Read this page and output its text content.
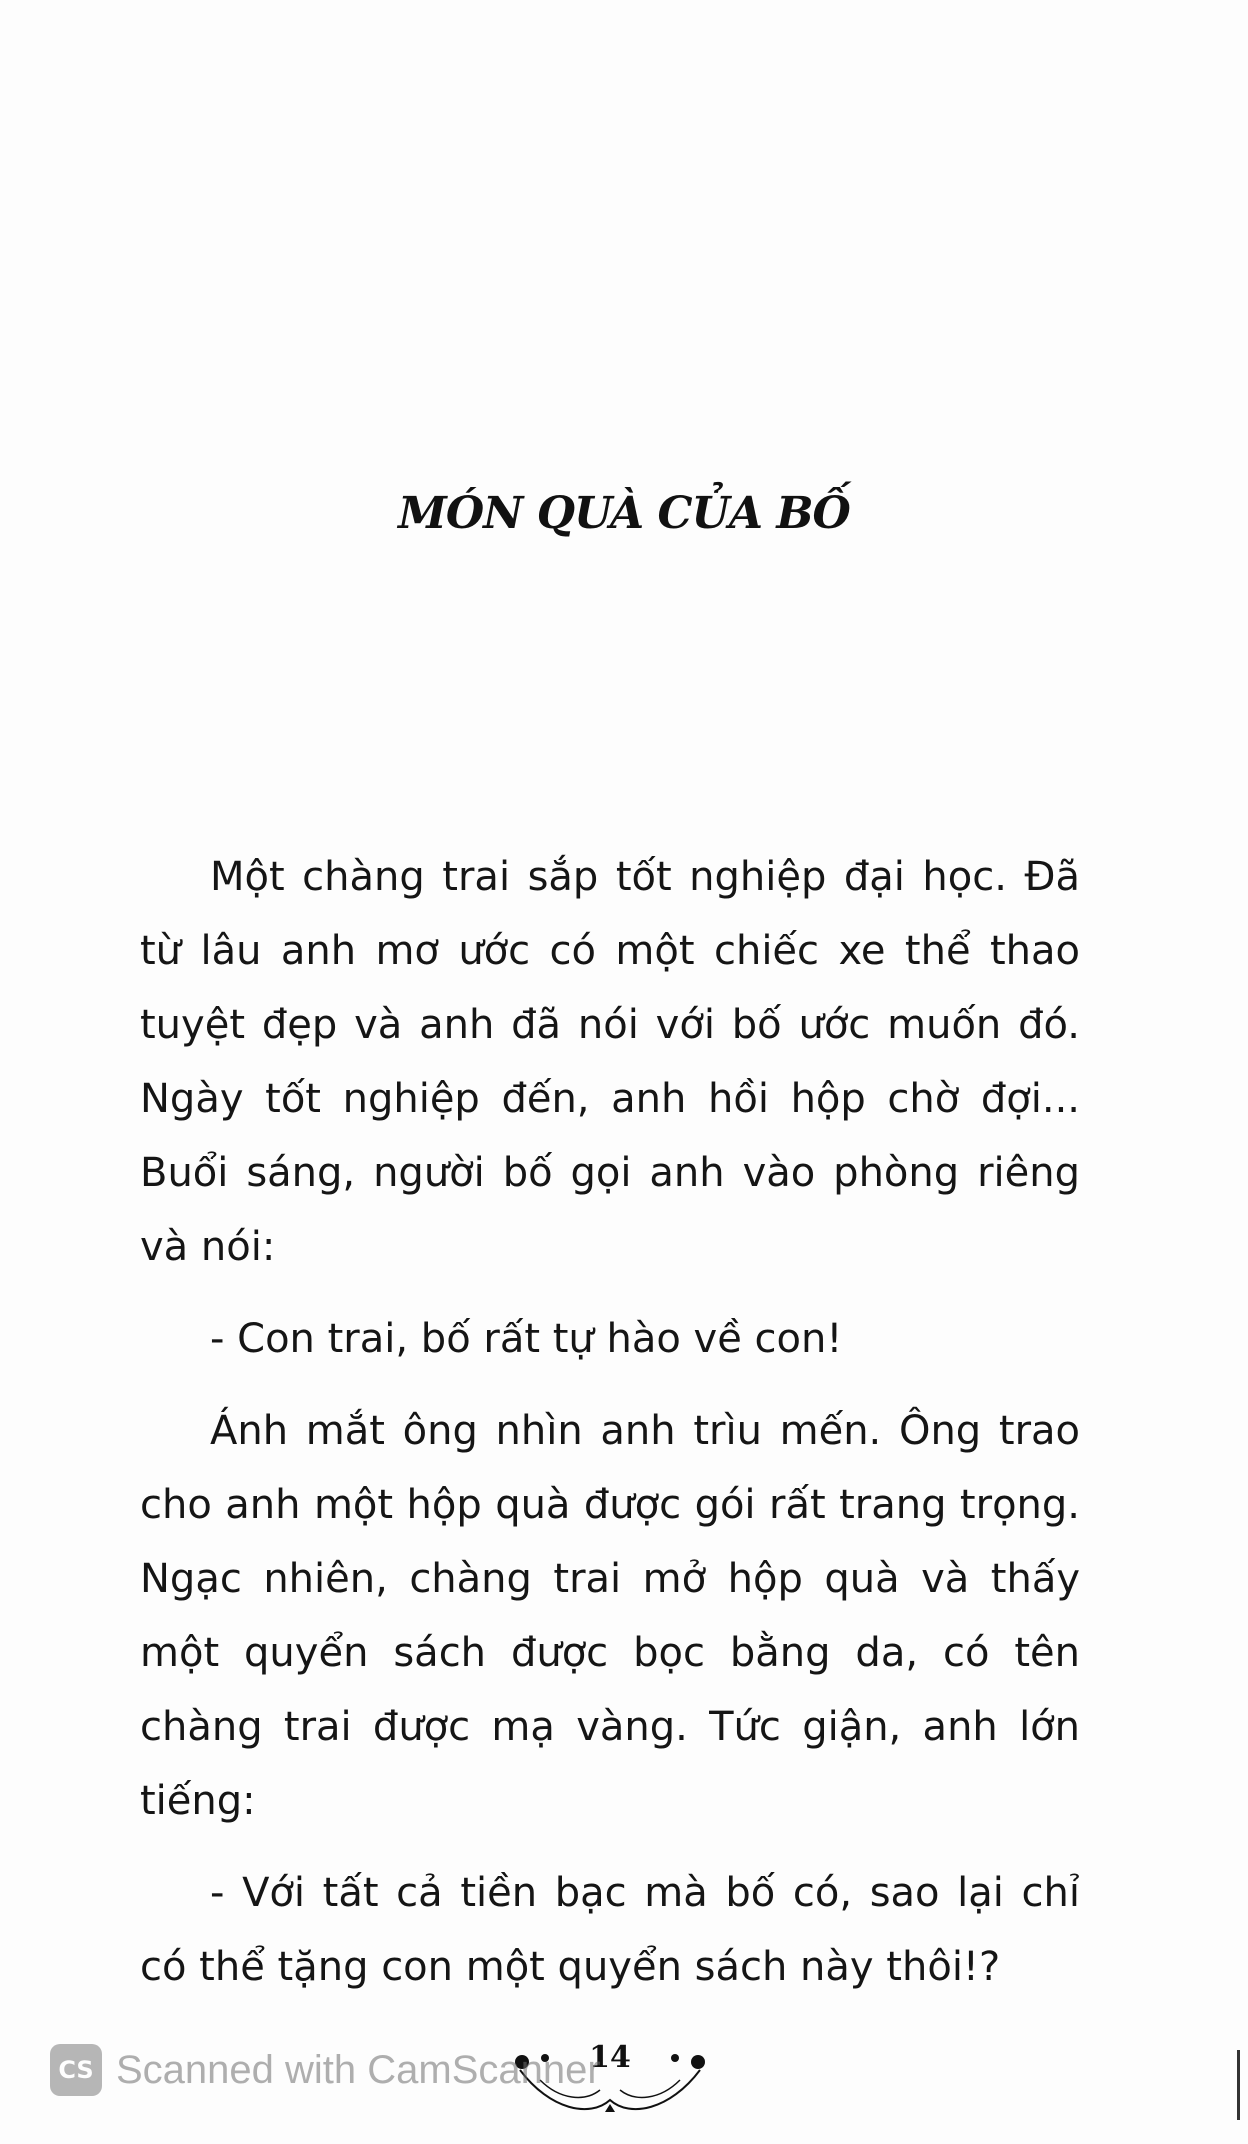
MÓN QUÀ CỦA BỐ

Một chàng trai sắp tốt nghiệp đại học. Đã từ lâu anh mơ ước có một chiếc xe thể thao tuyệt đẹp và anh đã nói với bố ước muốn đó. Ngày tốt nghiệp đến, anh hồi hộp chờ đợi... Buổi sáng, người bố gọi anh vào phòng riêng và nói:

- Con trai, bố rất tự hào về con!

Ánh mắt ông nhìn anh trìu mến. Ông trao cho anh một hộp quà được gói rất trang trọng. Ngạc nhiên, chàng trai mở hộp quà và thấy một quyển sách được bọc bằng da, có tên chàng trai được mạ vàng. Tức giận, anh lớn tiếng:

- Với tất cả tiền bạc mà bố có, sao lại chỉ có thể tặng con một quyển sách này thôi!?

14
CS Scanned with CamScanner
